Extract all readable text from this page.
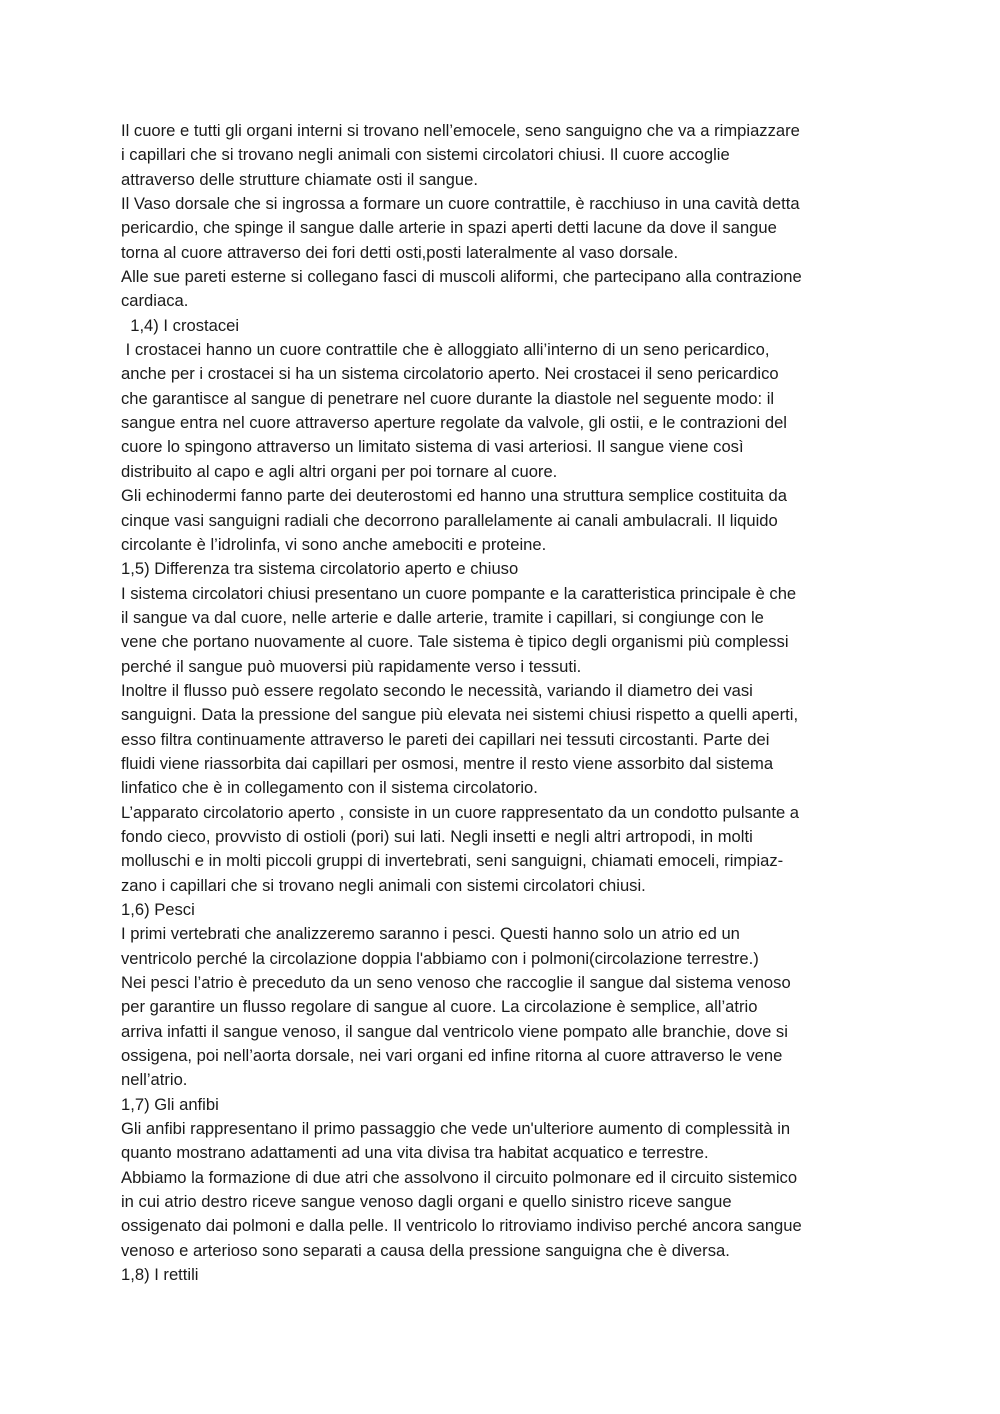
Il cuore e tutti gli organi interni si trovano nell’emocele, seno sanguigno che va a rimpiazzare
i capillari che si trovano negli animali con sistemi circolatori chiusi. Il cuore accoglie
attraverso delle strutture chiamate osti il sangue.
Il Vaso dorsale che si ingrossa a formare un cuore contrattile, è racchiuso in una cavità detta
pericardio, che spinge il sangue dalle arterie in spazi aperti detti lacune da dove il sangue
torna al cuore attraverso dei fori detti osti,posti lateralmente al vaso dorsale.
Alle sue pareti esterne si collegano fasci di muscoli aliformi, che partecipano alla contrazione
cardiaca.
1,4) I crostacei
I crostacei hanno un cuore contrattile che è alloggiato alli’interno di un seno pericardico,
anche per i crostacei si ha un sistema circolatorio aperto. Nei crostacei il seno pericardico
che garantisce al sangue di penetrare nel cuore durante la diastole nel seguente modo: il
sangue entra nel cuore attraverso aperture regolate da valvole, gli ostii, e le contrazioni del
cuore lo spingono attraverso un limitato sistema di vasi arteriosi. Il sangue viene così
distribuito al capo e agli altri organi per poi tornare al cuore.
Gli echinodermi fanno parte dei deuterostomi ed hanno una struttura semplice costituita da
cinque vasi sanguigni radiali che decorrono parallelamente ai canali ambulacrali. Il liquido
circolante è l’idrolinfa, vi sono anche amebociti e proteine.
1,5) Differenza tra sistema circolatorio aperto e chiuso
I sistema circolatori chiusi presentano un cuore pompante e la caratteristica principale è che
il sangue va dal cuore, nelle arterie e dalle arterie, tramite i capillari, si congiunge con le
vene che portano nuovamente al cuore. Tale sistema è tipico degli organismi più complessi
perché il sangue può muoversi più rapidamente verso i tessuti.
Inoltre il flusso può essere regolato secondo le necessità, variando il diametro dei vasi
sanguigni. Data la pressione del sangue più elevata nei sistemi chiusi rispetto a quelli aperti,
esso filtra continuamente attraverso le pareti dei capillari nei tessuti circostanti. Parte dei
fluidi viene riassorbita dai capillari per osmosi, mentre il resto viene assorbito dal sistema
linfatico che è in collegamento con il sistema circolatorio.
L’apparato circolatorio aperto , consiste in un cuore rappresentato da un condotto pulsante a
fondo cieco, provvisto di ostioli (pori) sui lati. Negli insetti e negli altri artropodi, in molti
molluschi e in molti piccoli gruppi di invertebrati, seni sanguigni, chiamati emoceli, rimpiaz-
zano i capillari che si trovano negli animali con sistemi circolatori chiusi.
1,6) Pesci
I primi vertebrati che analizzeremo saranno i pesci. Questi hanno solo un atrio ed un
ventricolo perché la circolazione doppia l'abbiamo con i polmoni(circolazione terrestre.)
Nei pesci l’atrio è preceduto da un seno venoso che raccoglie il sangue dal sistema venoso
per garantire un flusso regolare di sangue al cuore. La circolazione è semplice, all’atrio
arriva infatti il sangue venoso, il sangue dal ventricolo viene pompato alle branchie, dove si
ossigena, poi nell’aorta dorsale, nei vari organi ed infine ritorna al cuore attraverso le vene
nell’atrio.
1,7) Gli anfibi
Gli anfibi rappresentano il primo passaggio che vede un'ulteriore aumento di complessità in
quanto mostrano adattamenti ad una vita divisa tra habitat acquatico e terrestre.
Abbiamo la formazione di due atri che assolvono il circuito polmonare ed il circuito sistemico
in cui atrio destro riceve sangue venoso dagli organi e quello sinistro riceve sangue
ossigenato dai polmoni e dalla pelle. Il ventricolo lo ritroviamo indiviso perché ancora sangue
venoso e arterioso sono separati a causa della pressione sanguigna che è diversa.
1,8) I rettili
